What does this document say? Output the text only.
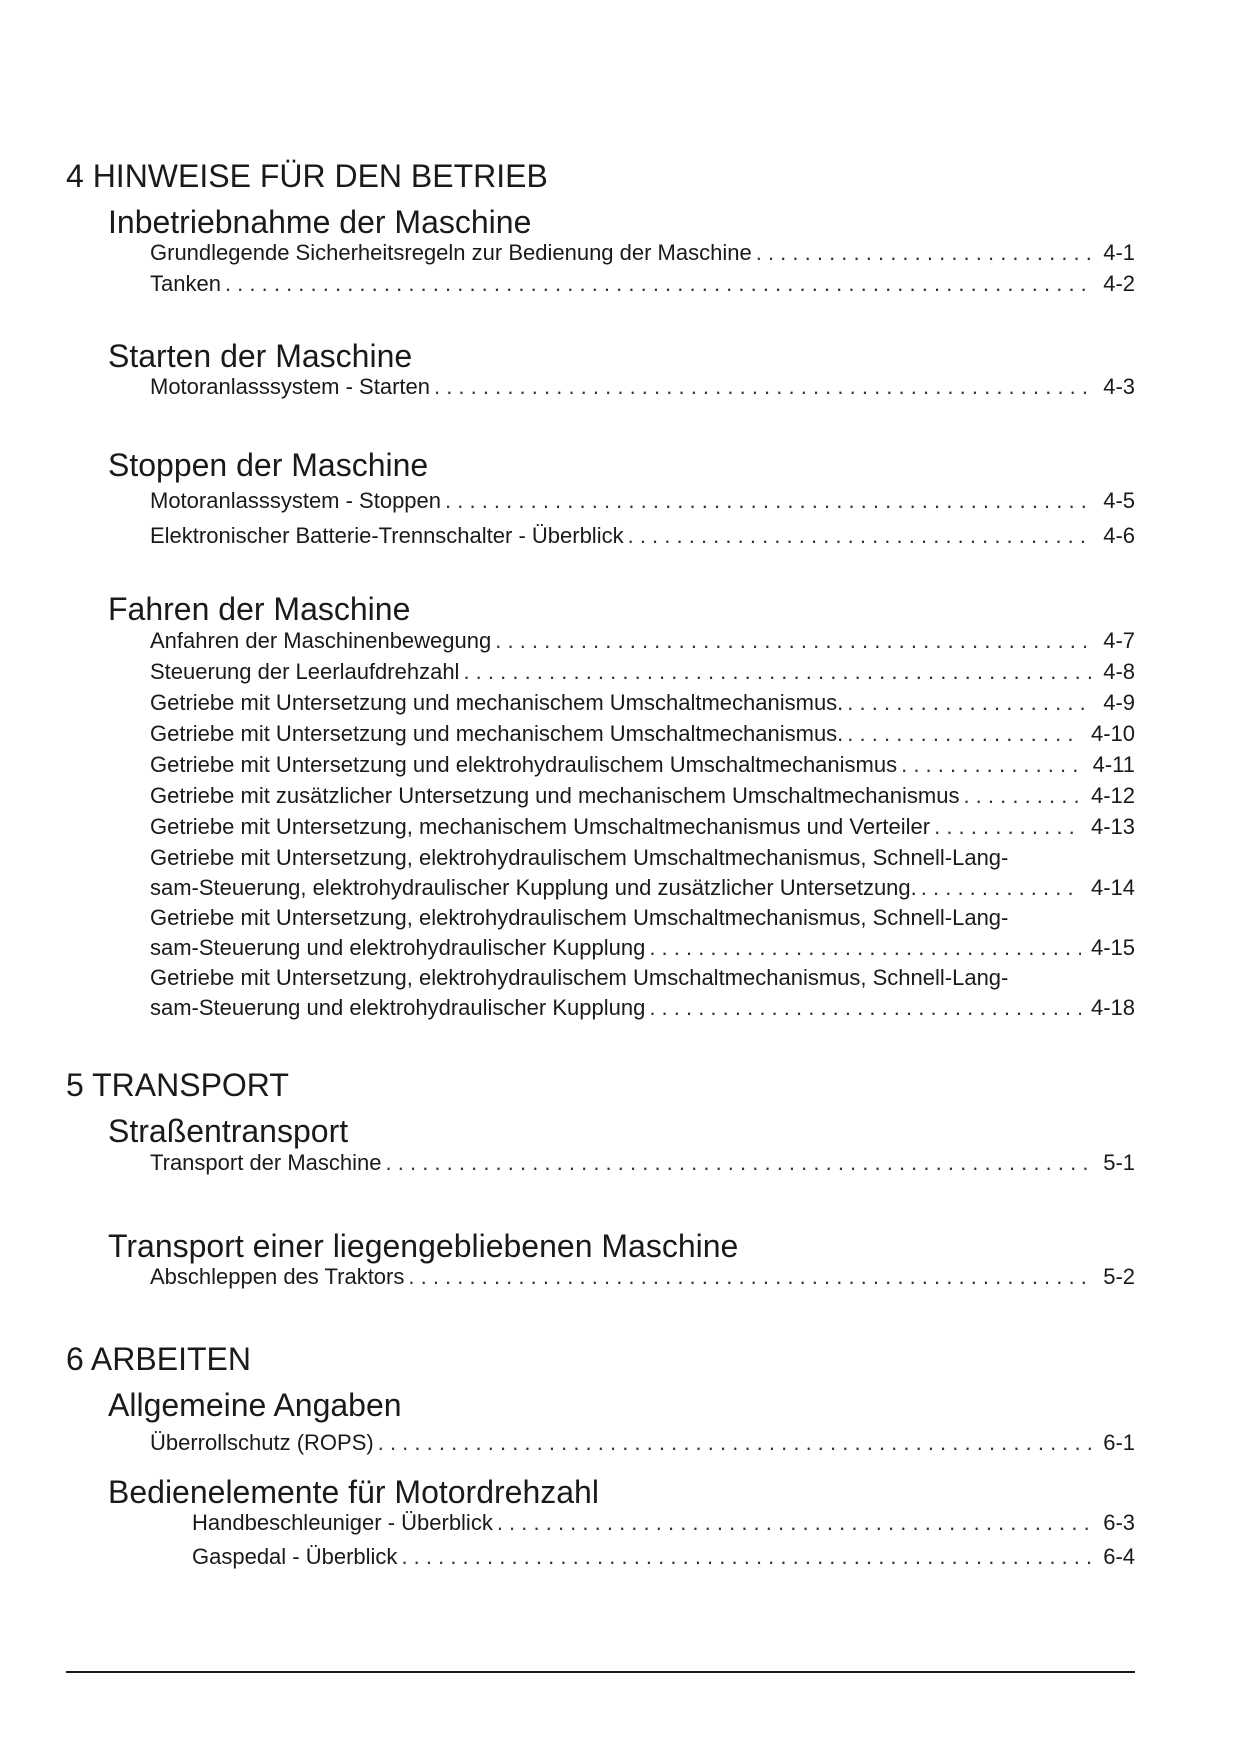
4 HINWEISE FÜR DEN BETRIEB
Inbetriebnahme der Maschine
Grundlegende Sicherheitsregeln zur Bedienung der Maschine . . .	4-1
Tanken . . .	4-2
Starten der Maschine
Motoranlasssystem - Starten . . .	4-3
Stoppen der Maschine
Motoranlasssystem - Stoppen . . .	4-5
Elektronischer Batterie-Trennschalter - Überblick . . .	4-6
Fahren der Maschine
Anfahren der Maschinenbewegung . . .	4-7
Steuerung der Leerlaufdrehzahl . . .	4-8
Getriebe mit Untersetzung und mechanischem Umschaltmechanismus. . . .	4-9
Getriebe mit Untersetzung und mechanischem Umschaltmechanismus. . . .	4-10
Getriebe mit Untersetzung und elektrohydraulischem Umschaltmechanismus . . .	4-11
Getriebe mit zusätzlicher Untersetzung und mechanischem Umschaltmechanismus . . .	4-12
Getriebe mit Untersetzung, mechanischem Umschaltmechanismus und Verteiler . . .	4-13
Getriebe mit Untersetzung, elektrohydraulischem Umschaltmechanismus, Schnell-Lang-
sam-Steuerung, elektrohydraulischer Kupplung und zusätzlicher Untersetzung. . . .	4-14
Getriebe mit Untersetzung, elektrohydraulischem Umschaltmechanismus, Schnell-Lang-
sam-Steuerung und elektrohydraulischer Kupplung . . .	4-15
Getriebe mit Untersetzung, elektrohydraulischem Umschaltmechanismus, Schnell-Lang-
sam-Steuerung und elektrohydraulischer Kupplung . . .	4-18
5 TRANSPORT
Straßentransport
Transport der Maschine . . .	5-1
Transport einer liegengebliebenen Maschine
Abschleppen des Traktors . . .	5-2
6 ARBEITEN
Allgemeine Angaben
Überrollschutz (ROPS) . . .	6-1
Bedienelemente für Motordrehzahl
Handbeschleuniger - Überblick . . .	6-3
Gaspedal - Überblick . . .	6-4
